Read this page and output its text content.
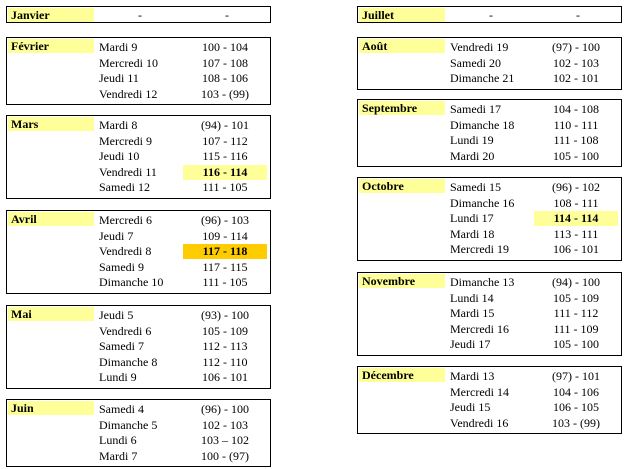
Janvier	-	-
Février	Mardi 9	100 - 104
Mercredi 10	107 - 108
Jeudi 11	108 - 106
Vendredi 12	103 - (99)
Mars	Mardi 8	(94) - 101
Mercredi 9	107 - 112
Jeudi 10	115 - 116
Vendredi 11	116 - 114
Samedi 12	111 - 105
Avril	Mercredi 6	(96) - 103
Jeudi 7	109 - 114
Vendredi 8	117 - 118
Samedi 9	117 - 115
Dimanche 10	111 - 105
Mai	Jeudi 5	(93) - 100
Vendredi 6	105 - 109
Samedi 7	112 - 113
Dimanche 8	112 - 110
Lundi 9	106 - 101
Juin	Samedi 4	(96) - 100
Dimanche 5	102 - 103
Lundi 6	103 – 102
Mardi 7	100 - (97)
Juillet	-	-
Août	Vendredi 19	(97) - 100
Samedi 20	102 - 103
Dimanche 21	102 - 101
Septembre	Samedi 17	104 - 108
Dimanche 18	110 - 111
Lundi 19	111 - 108
Mardi 20	105 - 100
Octobre	Samedi 15	(96) - 102
Dimanche 16	108 - 111
Lundi 17	114 - 114
Mardi 18	113 - 111
Mercredi 19	106 - 101
Novembre	Dimanche 13	(94) - 100
Lundi 14	105 - 109
Mardi 15	111 - 112
Mercredi 16	111 - 109
Jeudi 17	105 - 100
Décembre	Mardi 13	(97) - 101
Mercredi 14	104 - 106
Jeudi 15	106 - 105
Vendredi 16	103 - (99)
